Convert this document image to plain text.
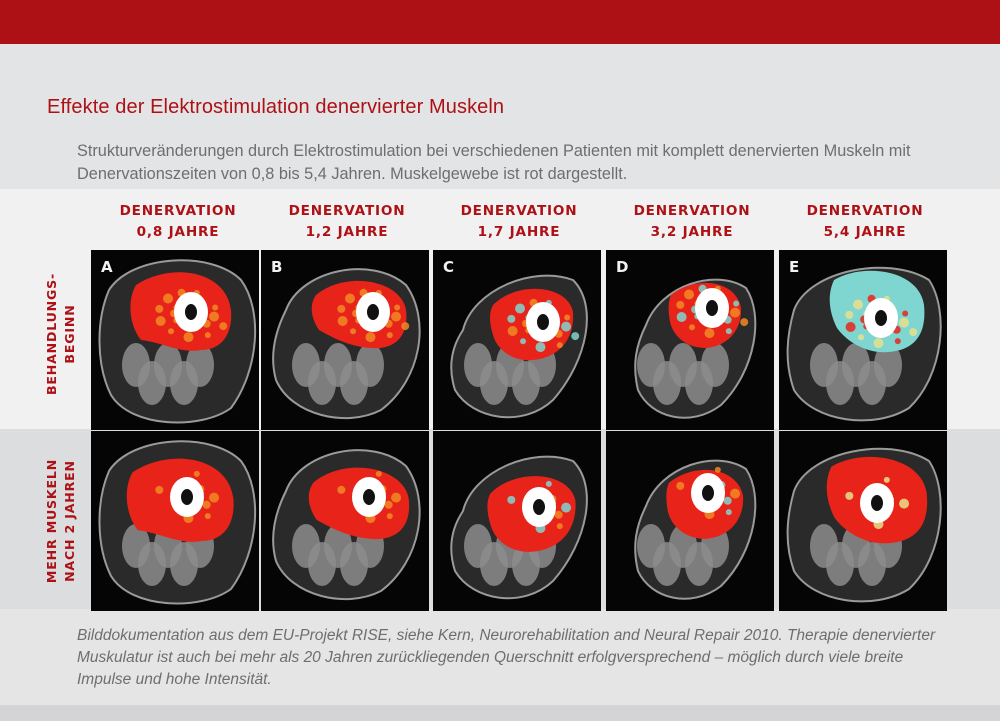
Effekte der Elektrostimulation denervierter Muskeln
Strukturveränderungen durch Elektrostimulation bei verschiedenen Patienten mit komplett denervierten Muskeln mit Denervationszeiten von 0,8 bis 5,4 Jahren. Muskelgewebe ist rot dargestellt.
DENERVATION
0,8 JAHRE
DENERVATION
1,2 JAHRE
DENERVATION
1,7 JAHRE
DENERVATION
3,2 JAHRE
DENERVATION
5,4 JAHRE
BEHANDLUNGS- BEGINN
MEHR MUSKELN NACH 2 JAHREN
A	B	C	D	E
Bilddokumentation aus dem EU-Projekt RISE, siehe Kern, Neurorehabilitation and Neural Repair 2010. Therapie denervierter Muskulatur ist auch bei mehr als 20 Jahren zurückliegenden Querschnitt erfolgversprechend – möglich durch viele breite Impulse und hohe Intensität.
